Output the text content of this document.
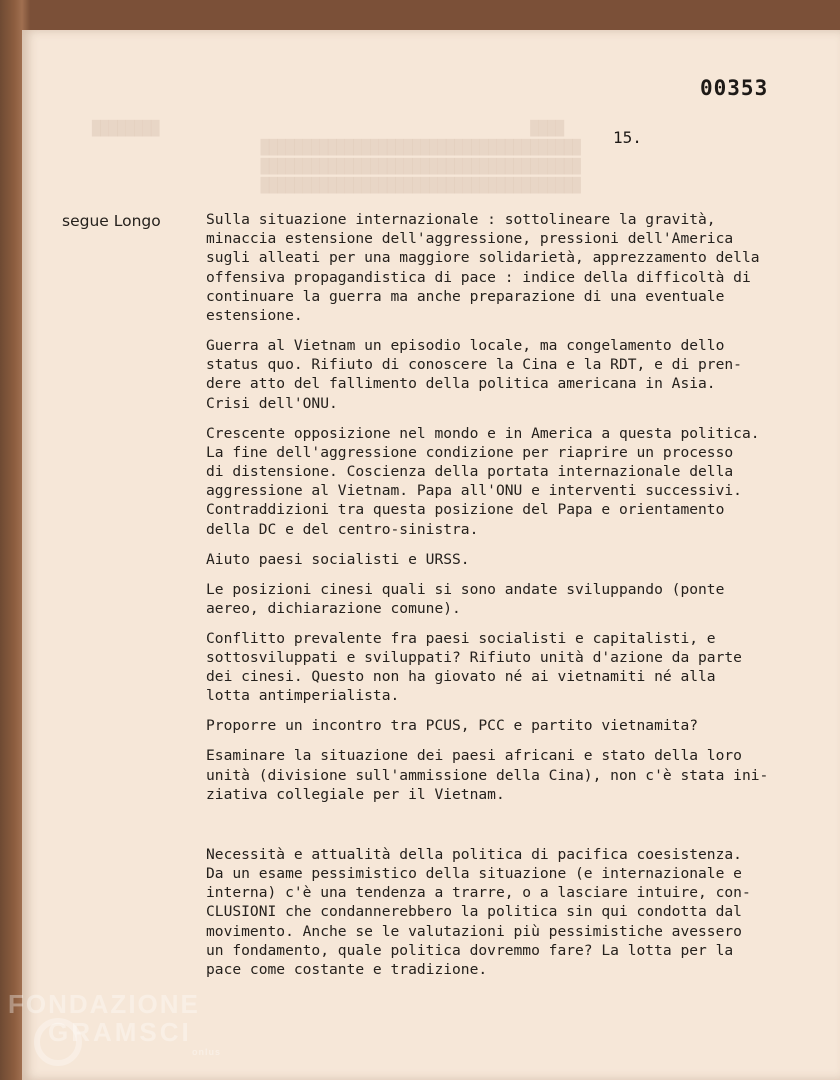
████████                                            ████
██████████████████████████████████████
██████████████████████████████████████
██████████████████████████████████████
00353
15.
segue Longo	Sulla situazione internazionale : sottolineare la gravità,
minaccia estensione dell'aggressione, pressioni dell'America
sugli alleati per una maggiore solidarietà, apprezzamento della
offensiva propagandistica di pace : indice della difficoltà di
continuare la guerra ma anche preparazione di una eventuale
estensione.
Guerra al Vietnam un episodio locale, ma congelamento dello
status quo. Rifiuto di conoscere la Cina e la RDT, e di pren-
dere atto del fallimento della politica americana in Asia.
Crisi dell'ONU.
Crescente opposizione nel mondo e in America a questa politica.
La fine dell'aggressione condizione per riaprire un processo
di distensione. Coscienza della portata internazionale della
aggressione al Vietnam. Papa all'ONU e interventi successivi.
Contraddizioni tra questa posizione del Papa e orientamento
della DC e del centro-sinistra.
Aiuto paesi socialisti e URSS.
Le posizioni cinesi quali si sono andate sviluppando (ponte
aereo, dichiarazione comune).
Conflitto prevalente fra paesi socialisti e capitalisti, e
sottosviluppati e sviluppati? Rifiuto unità d'azione da parte
dei cinesi. Questo non ha giovato né ai vietnamiti né alla
lotta antimperialista.
Proporre un incontro tra PCUS, PCC e partito vietnamita?
Esaminare la situazione dei paesi africani e stato della loro
unità (divisione sull'ammissione della Cina), non c'è stata ini-
ziativa collegiale per il Vietnam.
Necessità e attualità della politica di pacifica coesistenza.
Da un esame pessimistico della situazione (e internazionale e
interna) c'è una tendenza a trarre, o a lasciare intuire, con-
CLUSIONI che condannerebbero la politica sin qui condotta dal
movimento. Anche se le valutazioni più pessimistiche avessero
un fondamento, quale politica dovremmo fare? La lotta per la
pace come costante e tradizione.
FONDAZIONE
GRAMSCI
onlus
